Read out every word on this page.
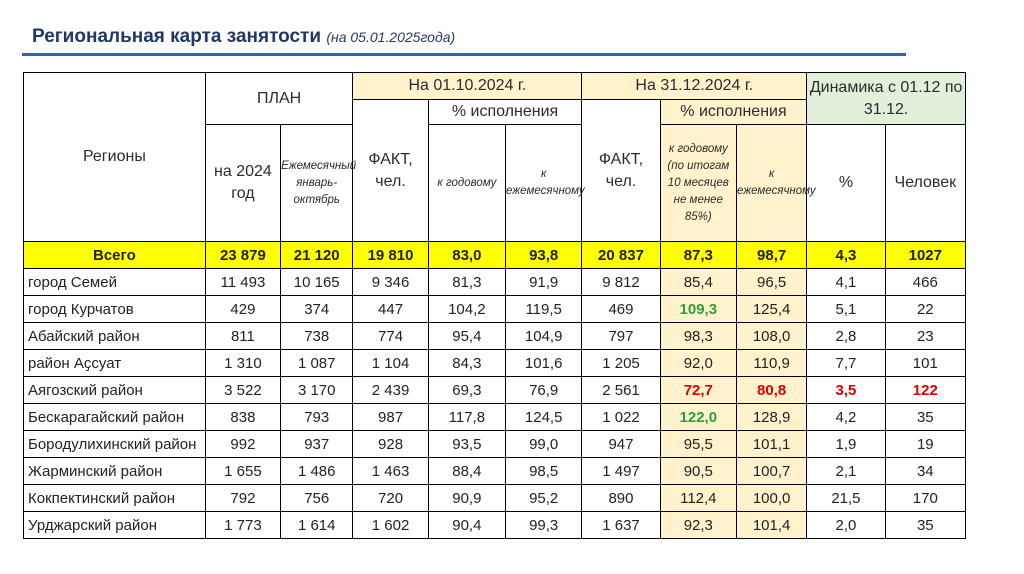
Региональная карта занятости (на 05.01.2025года)
Регионы	ПЛАН		На 01.10.2024 г.			На 31.12.2024 г.			Динамика с 01.12 по 31.12.	
			ФАКТ, чел.	% исполнения		ФАКТ, чел.	% исполнения			
	на 2024 год	Ежемесячный январь-октябрь		к годовому	к ежемесячному		к годовому (по итогам 10 месяцев не менее 85%)	к ежемесячному	%	Человек
Всего	23 879	21 120	19 810	83,0	93,8	20 837	87,3	98,7	4,3	1027
город Семей	11 493	10 165	9 346	81,3	91,9	9 812	85,4	96,5	4,1	466
город Курчатов	429	374	447	104,2	119,5	469	109,3	125,4	5,1	22
Абайский район	811	738	774	95,4	104,9	797	98,3	108,0	2,8	23
район Аҫсуат	1 310	1 087	1 104	84,3	101,6	1 205	92,0	110,9	7,7	101
Аягозский район	3 522	3 170	2 439	69,3	76,9	2 561	72,7	80,8	3,5	122
Бескарагайский район	838	793	987	117,8	124,5	1 022	122,0	128,9	4,2	35
Бородулихинский район	992	937	928	93,5	99,0	947	95,5	101,1	1,9	19
Жарминский район	1 655	1 486	1 463	88,4	98,5	1 497	90,5	100,7	2,1	34
Кокпектинский район	792	756	720	90,9	95,2	890	112,4	100,0	21,5	170
Урджарский район	1 773	1 614	1 602	90,4	99,3	1 637	92,3	101,4	2,0	35
